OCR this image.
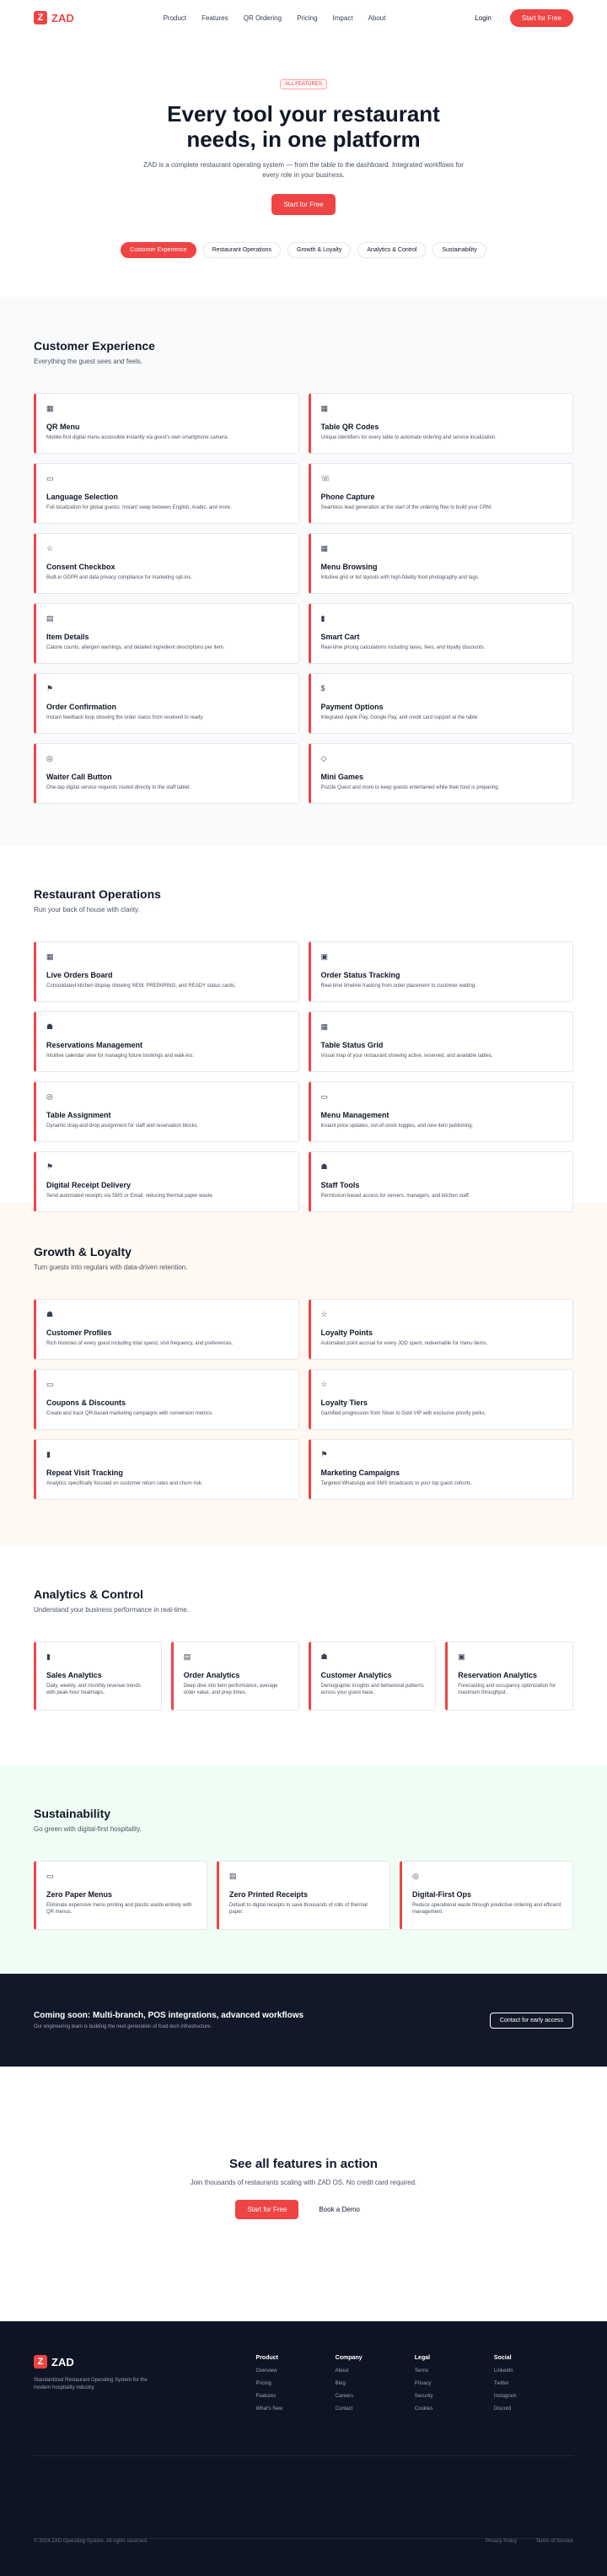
Z ZAD	Product Features QR Ordering Pricing Impact About	Login	Start for Free
ALL FEATURES
Every tool your restaurant needs, in one platform

ZAD is a complete restaurant operating system — from the table to the dashboard. Integrated workflows for every role in your business.

Start for Free
Customer Experience	Restaurant Operations	Growth & Loyalty	Analytics & Control	Sustainability
Customer Experience

Everything the guest sees and feels.

▦
QR Menu

Mobile-first digital menu accessible instantly via guest's own smartphone camera.

▦
Table QR Codes

Unique identifiers for every table to automate ordering and service localization.

▭
Language Selection

Full localization for global guests. Instant swap between English, Arabic, and more.

☏
Phone Capture

Seamless lead generation at the start of the ordering flow to build your CRM.

☆
Consent Checkbox

Built-in GDPR and data privacy compliance for marketing opt-ins.

▦
Menu Browsing

Intuitive grid or list layouts with high-fidelity food photography and tags.

▤
Item Details

Calorie counts, allergen warnings, and detailed ingredient descriptions per item.

▮
Smart Cart

Real-time pricing calculations including taxes, fees, and loyalty discounts.

⚑
Order Confirmation

Instant feedback loop showing the order status from received to ready.

$
Payment Options

Integrated Apple Pay, Google Pay, and credit card support at the table.

◎
Waiter Call Button

One-tap digital service requests routed directly to the staff tablet.

◇
Mini Games

Puzzle Quest and more to keep guests entertained while their food is preparing.

Restaurant Operations

Run your back of house with clarity.

▦
Live Orders Board

Consolidated kitchen display showing NEW, PREPARING, and READY status cards.

▣
Order Status Tracking

Real-time timeline tracking from order placement to customer waiting.

☗
Reservations Management

Intuitive calendar view for managing future bookings and walk-ins.

▦
Table Status Grid

Visual map of your restaurant showing active, reserved, and available tables.

◎
Table Assignment

Dynamic drag-and-drop assignment for staff and reservation blocks.

▭
Menu Management

Instant price updates, out-of-stock toggles, and new item publishing.

⚑
Digital Receipt Delivery

Send automated receipts via SMS or Email, reducing thermal paper waste.

☗
Staff Tools

Permission-based access for servers, managers, and kitchen staff.

Growth & Loyalty

Turn guests into regulars with data-driven retention.

☗
Customer Profiles

Rich histories of every guest including total spend, visit frequency, and preferences.

☆
Loyalty Points

Automated point accrual for every JOD spent, redeemable for menu items.

▭
Coupons & Discounts

Create and track QR-based marketing campaigns with conversion metrics.

☆
Loyalty Tiers

Gamified progression from Silver to Gold VIP with exclusive priority perks.

▮
Repeat Visit Tracking

Analytics specifically focused on customer return rates and churn risk.

⚑
Marketing Campaigns

Targeted WhatsApp and SMS broadcasts to your top guest cohorts.

Analytics & Control

Understand your business performance in real-time.

▮
Sales Analytics

Daily, weekly, and monthly revenue trends with peak-hour heatmaps.

▤
Order Analytics

Deep dive into item performance, average order value, and prep times.

☗
Customer Analytics

Demographic insights and behavioral patterns across your guest base.

▣
Reservation Analytics

Forecasting and occupancy optimization for maximum throughput.

Sustainability

Go green with digital-first hospitality.

▭
Zero Paper Menus

Eliminate expensive menu printing and plastic waste entirely with QR menus.

▤
Zero Printed Receipts

Default to digital receipts to save thousands of rolls of thermal paper.

◎
Digital-First Ops

Reduce operational waste through predictive ordering and efficient management.

Coming soon: Multi-branch, POS integrations, advanced workflows

Our engineering team is building the next generation of food-tech infrastructure.

Contact for early access
See all features in action

Join thousands of restaurants scaling with ZAD OS. No credit card required.

Start for Free	Book a Demo
Z ZAD

Standardized Restaurant Operating System for the modern hospitality industry.

Product
Overview
Pricing
Features
What's New
Company
About
Blog
Careers
Contact
Legal
Terms
Privacy
Security
Cookies
Social
LinkedIn
Twitter
Instagram
Discord
© 2024 ZAD Operating System. All rights reserved.	Privacy Policy	Terms of Service
